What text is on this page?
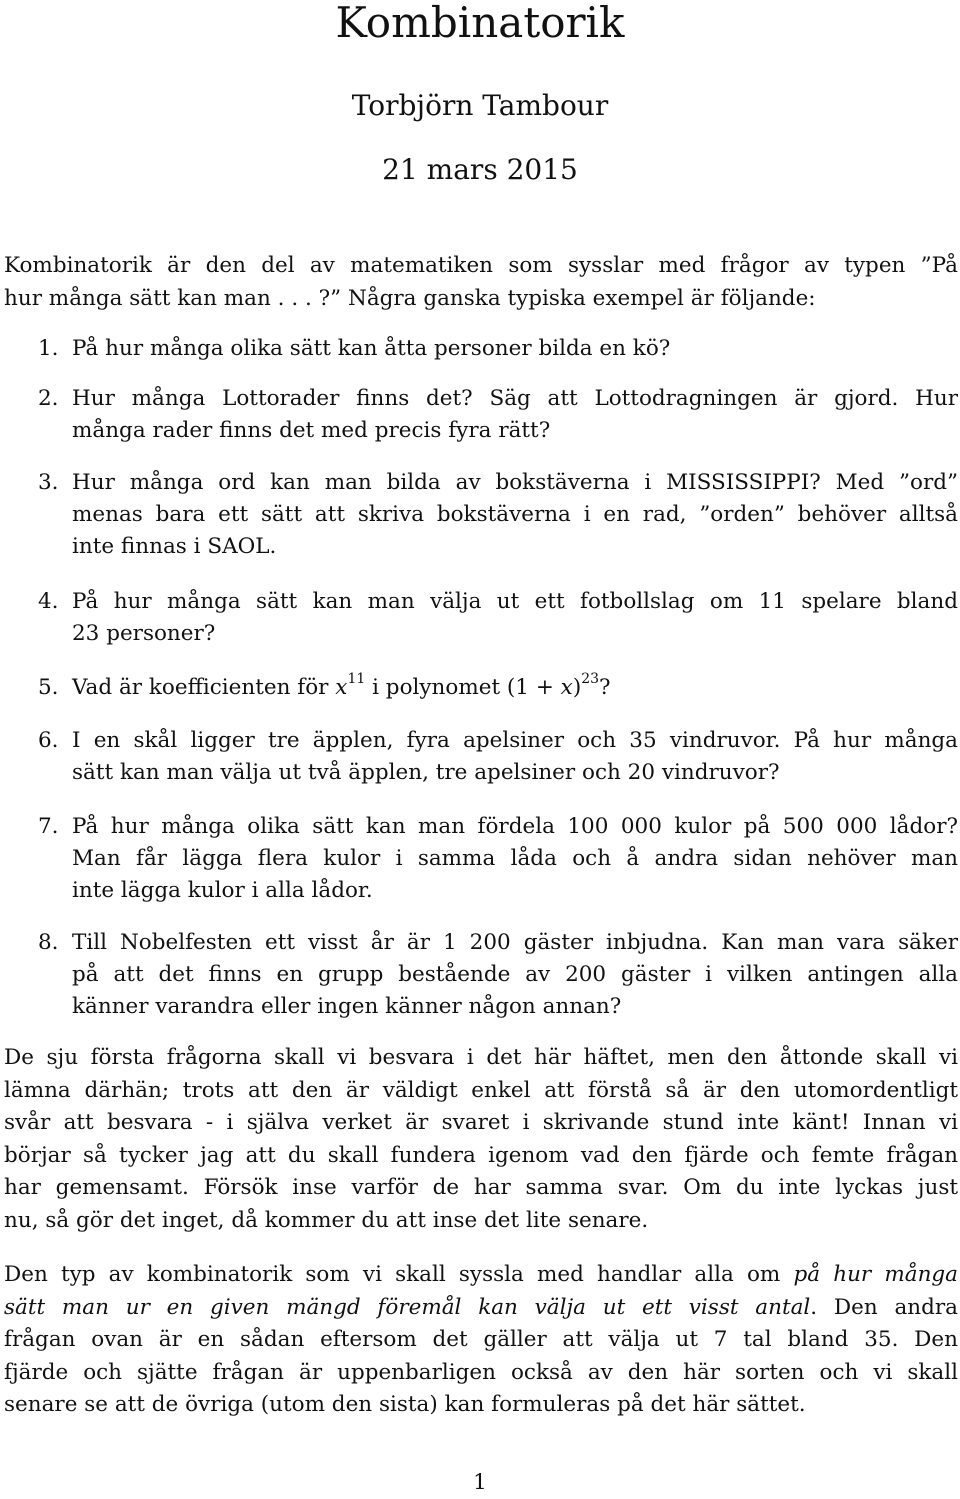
Kombinatorik
Torbjörn Tambour
21 mars 2015
Kombinatorik är den del av matematiken som sysslar med frågor av typen ”På
hur många sätt kan man . . . ?” Några ganska typiska exempel är följande:
1. På hur många olika sätt kan åtta personer bilda en kö?
2. Hur många Lottorader finns det? Säg att Lottodragningen är gjord. Hur
många rader finns det med precis fyra rätt?
3. Hur många ord kan man bilda av bokstäverna i MISSISSIPPI? Med ”ord”
menas bara ett sätt att skriva bokstäverna i en rad, ”orden” behöver alltså
inte finnas i SAOL.
4. På hur många sätt kan man välja ut ett fotbollslag om 11 spelare bland
23 personer?
5. Vad är koefficienten för $x^{11}$ i polynomet $(1 + x)^{23}$?
6. I en skål ligger tre äpplen, fyra apelsiner och 35 vindruvor. På hur många
sätt kan man välja ut två äpplen, tre apelsiner och 20 vindruvor?
7. På hur många olika sätt kan man fördela 100 000 kulor på 500 000 lådor?
Man får lägga flera kulor i samma låda och å andra sidan nehöver man
inte lägga kulor i alla lådor.
8. Till Nobelfesten ett visst år är 1 200 gäster inbjudna. Kan man vara säker
på att det finns en grupp bestående av 200 gäster i vilken antingen alla
känner varandra eller ingen känner någon annan?
De sju första frågorna skall vi besvara i det här häftet, men den åttonde skall vi
lämna därhän; trots att den är väldigt enkel att förstå så är den utomordentligt
svår att besvara - i själva verket är svaret i skrivande stund inte känt! Innan vi
börjar så tycker jag att du skall fundera igenom vad den fjärde och femte frågan
har gemensamt. Försök inse varför de har samma svar. Om du inte lyckas just
nu, så gör det inget, då kommer du att inse det lite senare.
Den typ av kombinatorik som vi skall syssla med handlar alla om på hur många
sätt man ur en given mängd föremål kan välja ut ett visst antal. Den andra
frågan ovan är en sådan eftersom det gäller att välja ut 7 tal bland 35. Den
fjärde och sjätte frågan är uppenbarligen också av den här sorten och vi skall
senare se att de övriga (utom den sista) kan formuleras på det här sättet.
1
